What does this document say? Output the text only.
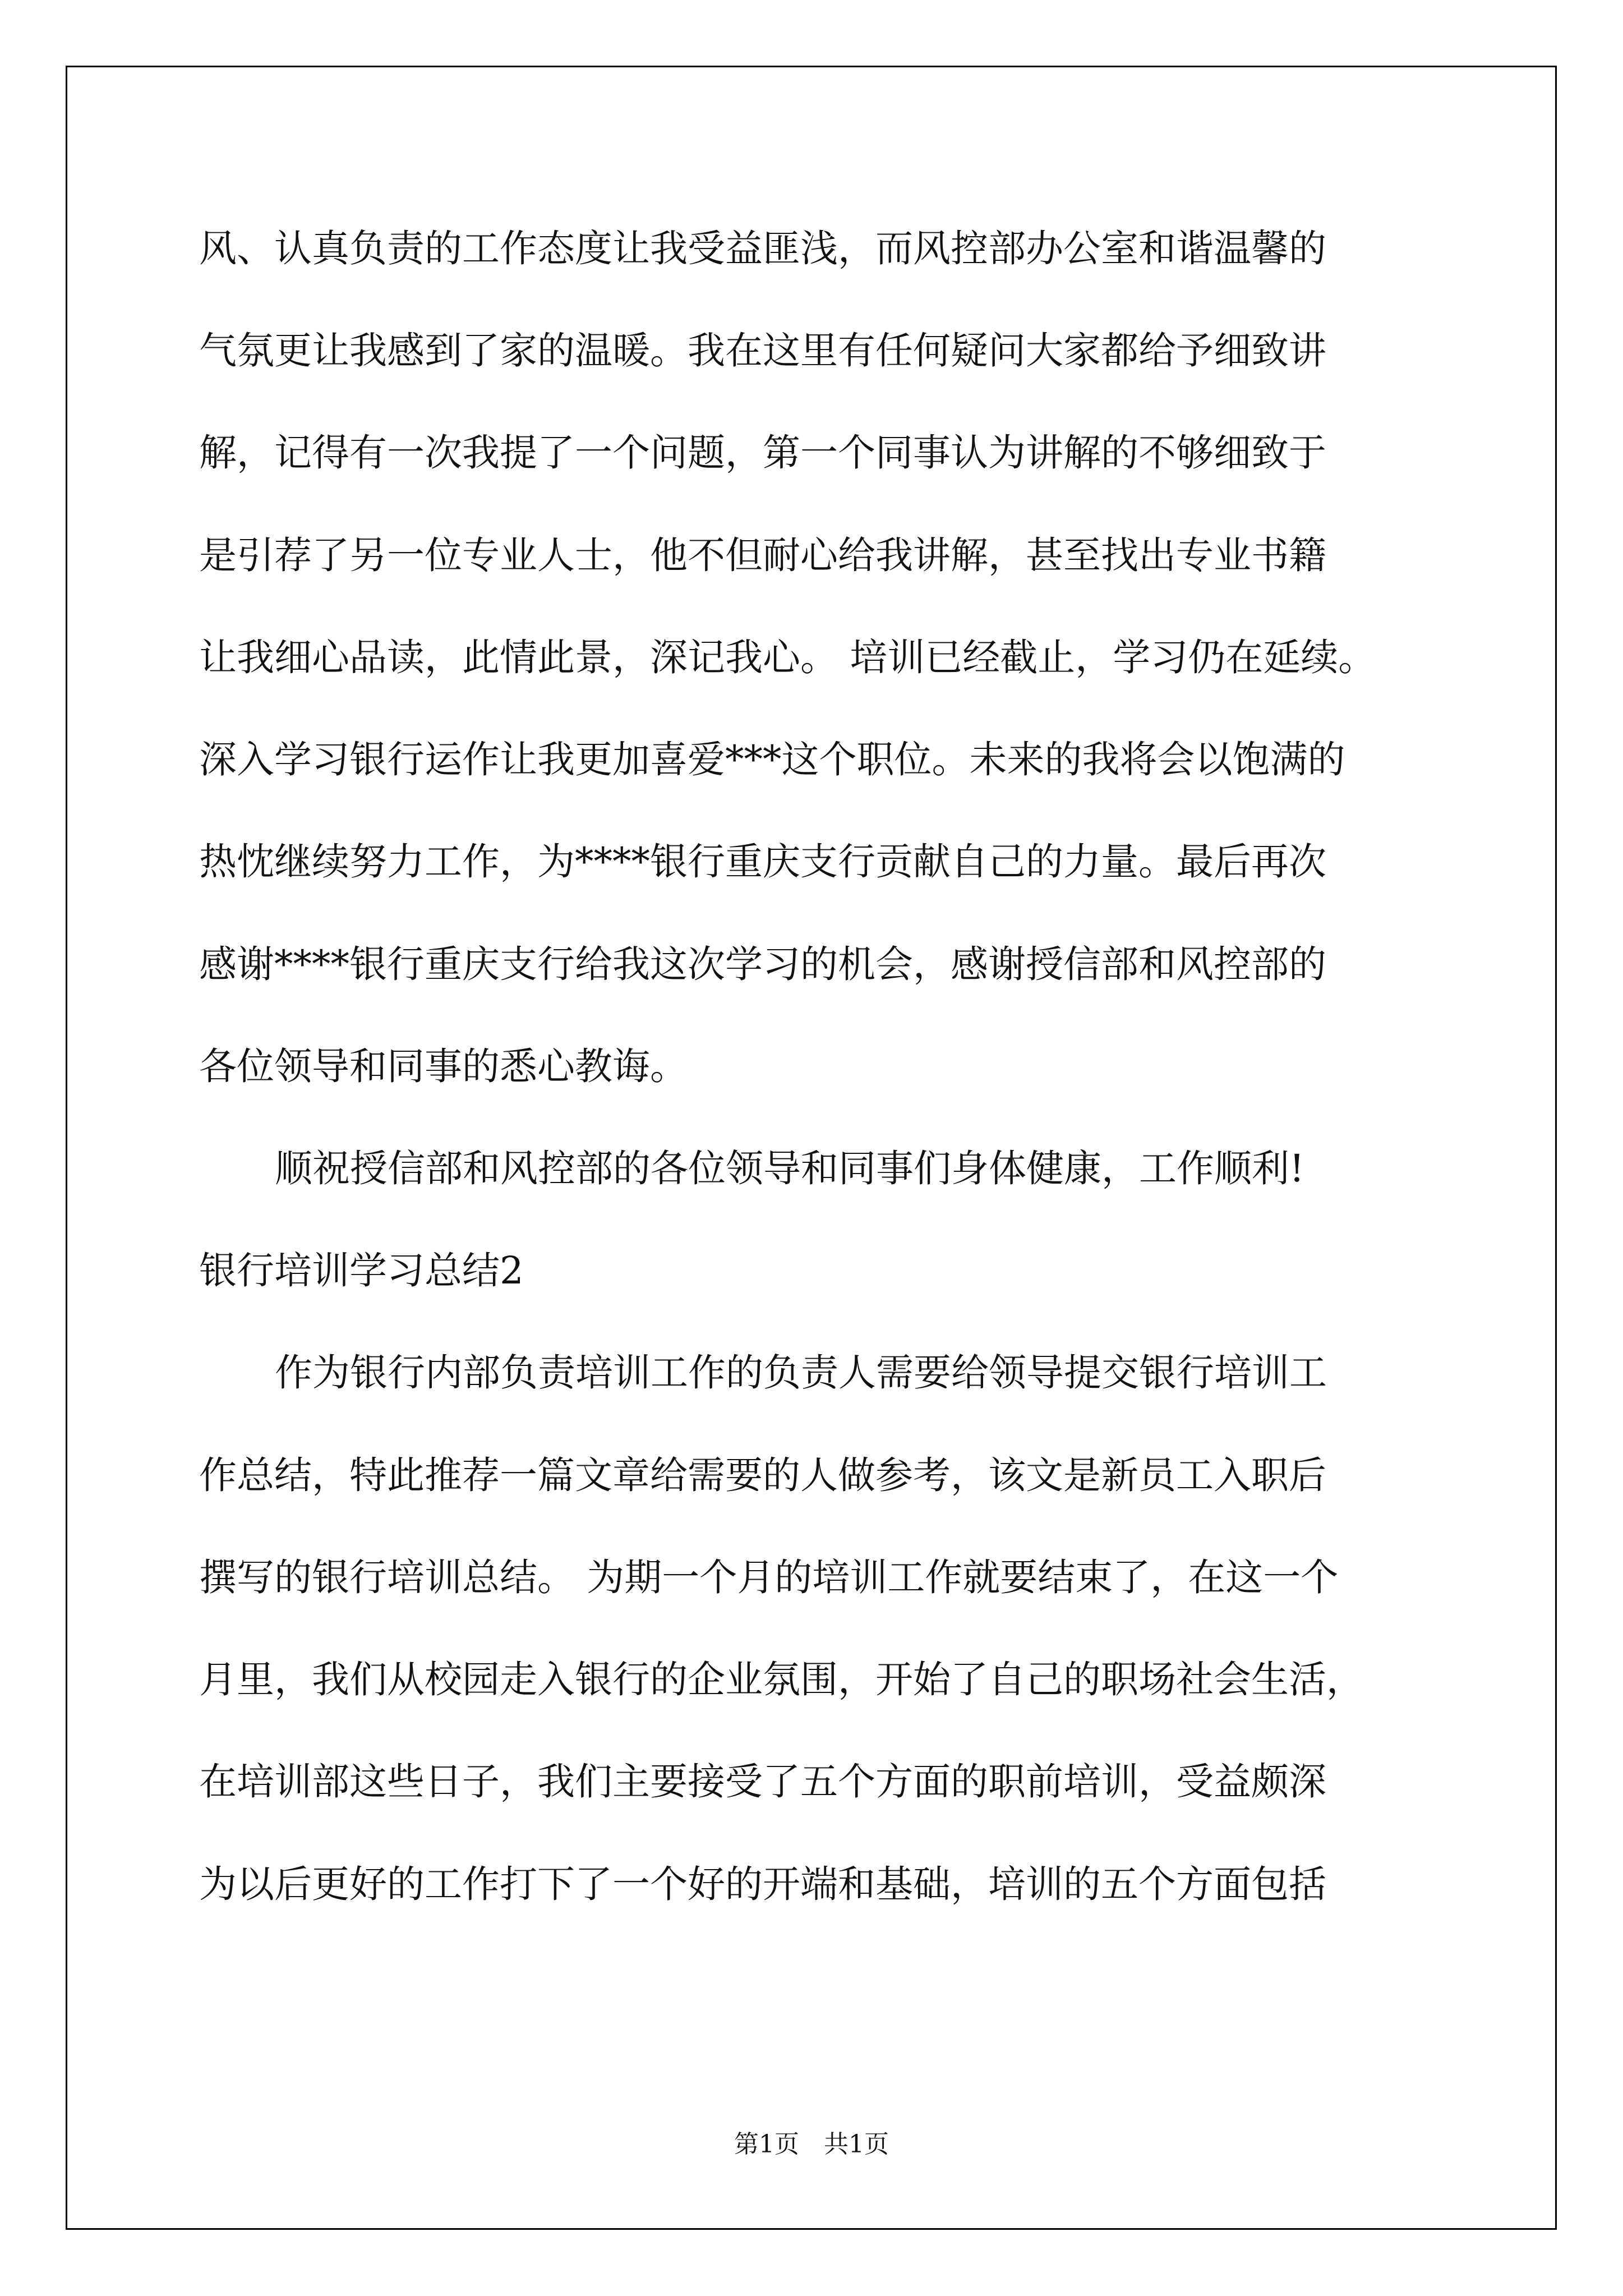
风、认真负责的工作态度让我受益匪浅，而风控部办公室和谐温馨的
气氛更让我感到了家的温暖。我在这里有任何疑问大家都给予细致讲
解，记得有一次我提了一个问题，第一个同事认为讲解的不够细致于
是引荐了另一位专业人士，他不但耐心给我讲解，甚至找出专业书籍
让我细心品读，此情此景，深记我心。 培训已经截止，学习仍在延续。
深入学习银行运作让我更加喜爱***这个职位。未来的我将会以饱满的
热忱继续努力工作，为****银行重庆支行贡献自己的力量。最后再次
感谢****银行重庆支行给我这次学习的机会，感谢授信部和风控部的
各位领导和同事的悉心教诲。
顺祝授信部和风控部的各位领导和同事们身体健康，工作顺利!
银行培训学习总结2
作为银行内部负责培训工作的负责人需要给领导提交银行培训工
作总结，特此推荐一篇文章给需要的人做参考，该文是新员工入职后
撰写的银行培训总结。 为期一个月的培训工作就要结束了，在这一个
月里，我们从校园走入银行的企业氛围，开始了自己的职场社会生活，
在培训部这些日子，我们主要接受了五个方面的职前培训，受益颇深
为以后更好的工作打下了一个好的开端和基础，培训的五个方面包括
第1页　共1页
